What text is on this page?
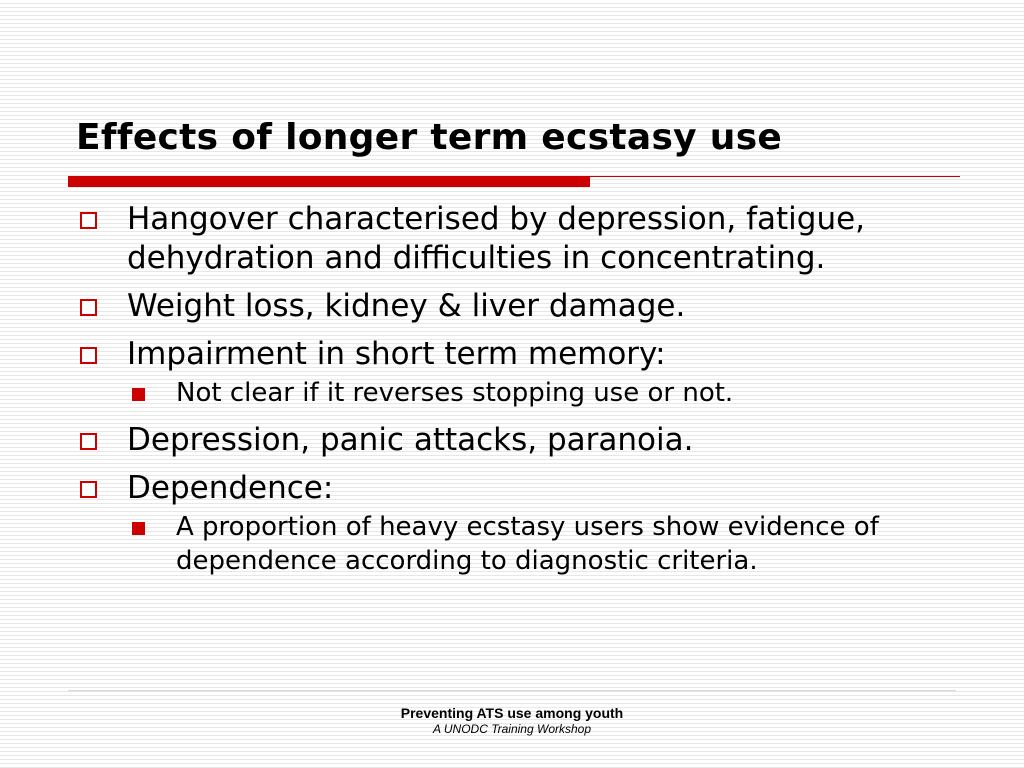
Effects of longer term ecstasy use
Hangover characterised by depression, fatigue, dehydration and difficulties in concentrating.
Weight loss, kidney & liver damage.
Impairment in short term memory:
Not clear if it reverses stopping use or not.
Depression, panic attacks, paranoia.
Dependence:
A proportion of heavy ecstasy users show evidence of dependence according to diagnostic criteria.
Preventing ATS use among youth
A UNODC Training Workshop
